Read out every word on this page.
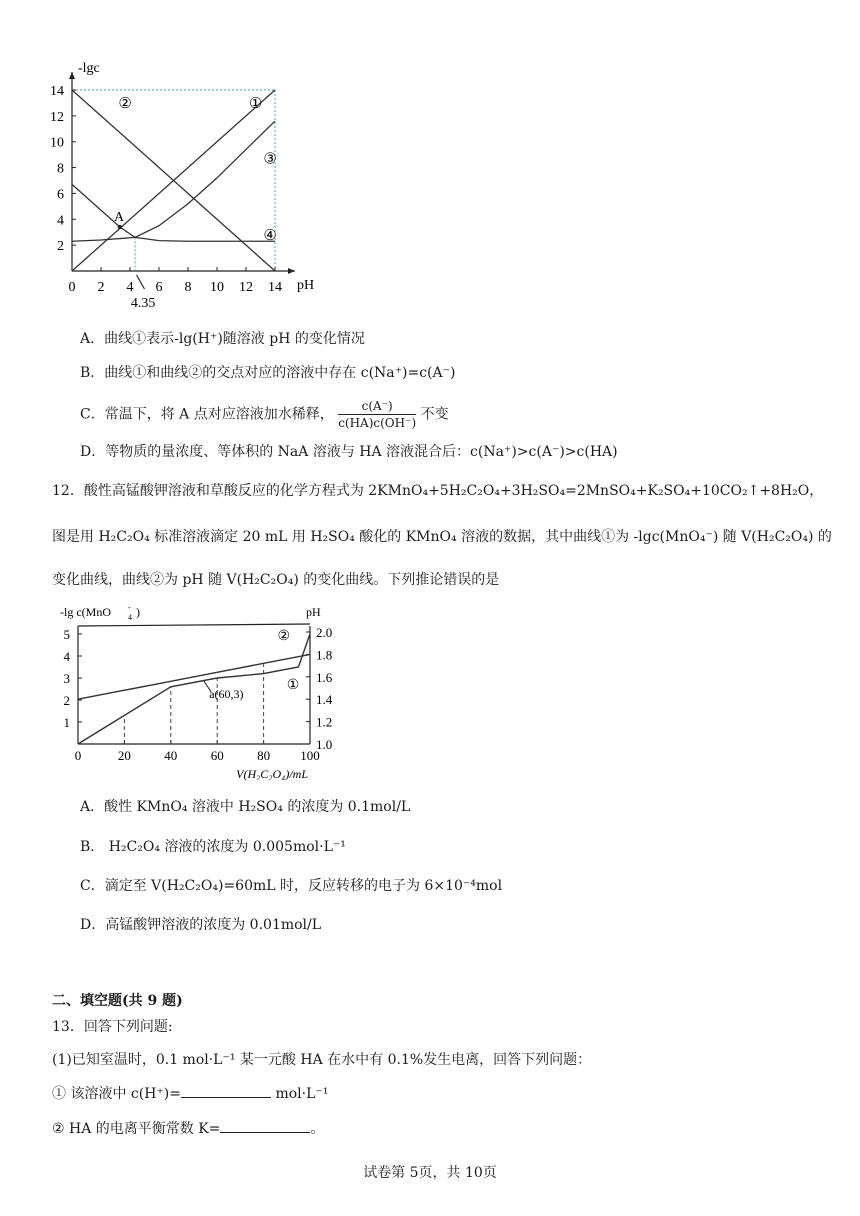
-lgc
pH
14
12
10
8
6
4
2
0 2 4 6 8 10 12 14
①
②
③
④
A
4.35
A．曲线①表示-lg(H⁺)随溶液 pH 的变化情况
B．曲线①和曲线②的交点对应的溶液中存在 c(Na⁺)=c(A⁻)
C．常温下，将 A 点对应溶液加水稀释， $\frac{c(A^-)}{c(HA)c(OH^-)}$ 不变
D．等物质的量浓度、等体积的 NaA 溶液与 HA 溶液混合后：c(Na⁺)>c(A⁻)>c(HA)
12．酸性高锰酸钾溶液和草酸反应的化学方程式为 2KMnO₄+5H₂C₂O₄+3H₂SO₄=2MnSO₄+K₂SO₄+10CO₂↑+8H₂O，
图是用 H₂C₂O₄ 标准溶液滴定 20 mL 用 H₂SO₄ 酸化的 KMnO₄ 溶液的数据，其中曲线①为 -lgc(MnO₄⁻) 随 V(H₂C₂O₄) 的
变化曲线，曲线②为 pH 随 V(H₂C₂O₄) 的变化曲线。下列推论错误的是
-lg c(MnO 4
- )	pH
V(H₂C₂O₄)/mL
5
4
3
2
1
2.0
1.8
1.6
1.4
1.2
1.0
0	20	40	60	80 100
②
①
a(60,3)
A．酸性 KMnO₄ 溶液中 H₂SO₄ 的浓度为 0.1mol/L
B． H₂C₂O₄ 溶液的浓度为 0.005mol·L⁻¹
C．滴定至 V(H₂C₂O₄)=60mL 时，反应转移的电子为 6×10⁻⁴mol
D．高锰酸钾溶液的浓度为 0.01mol/L
二、填空题(共 9 题)
13．回答下列问题:
(1)已知室温时，0.1 mol·L⁻¹ 某一元酸 HA 在水中有 0.1%发生电离，回答下列问题：
① 该溶液中 c(H⁺)=	mol·L⁻¹
② HA 的电离平衡常数 K=	。
试卷第 5页，共 10页
